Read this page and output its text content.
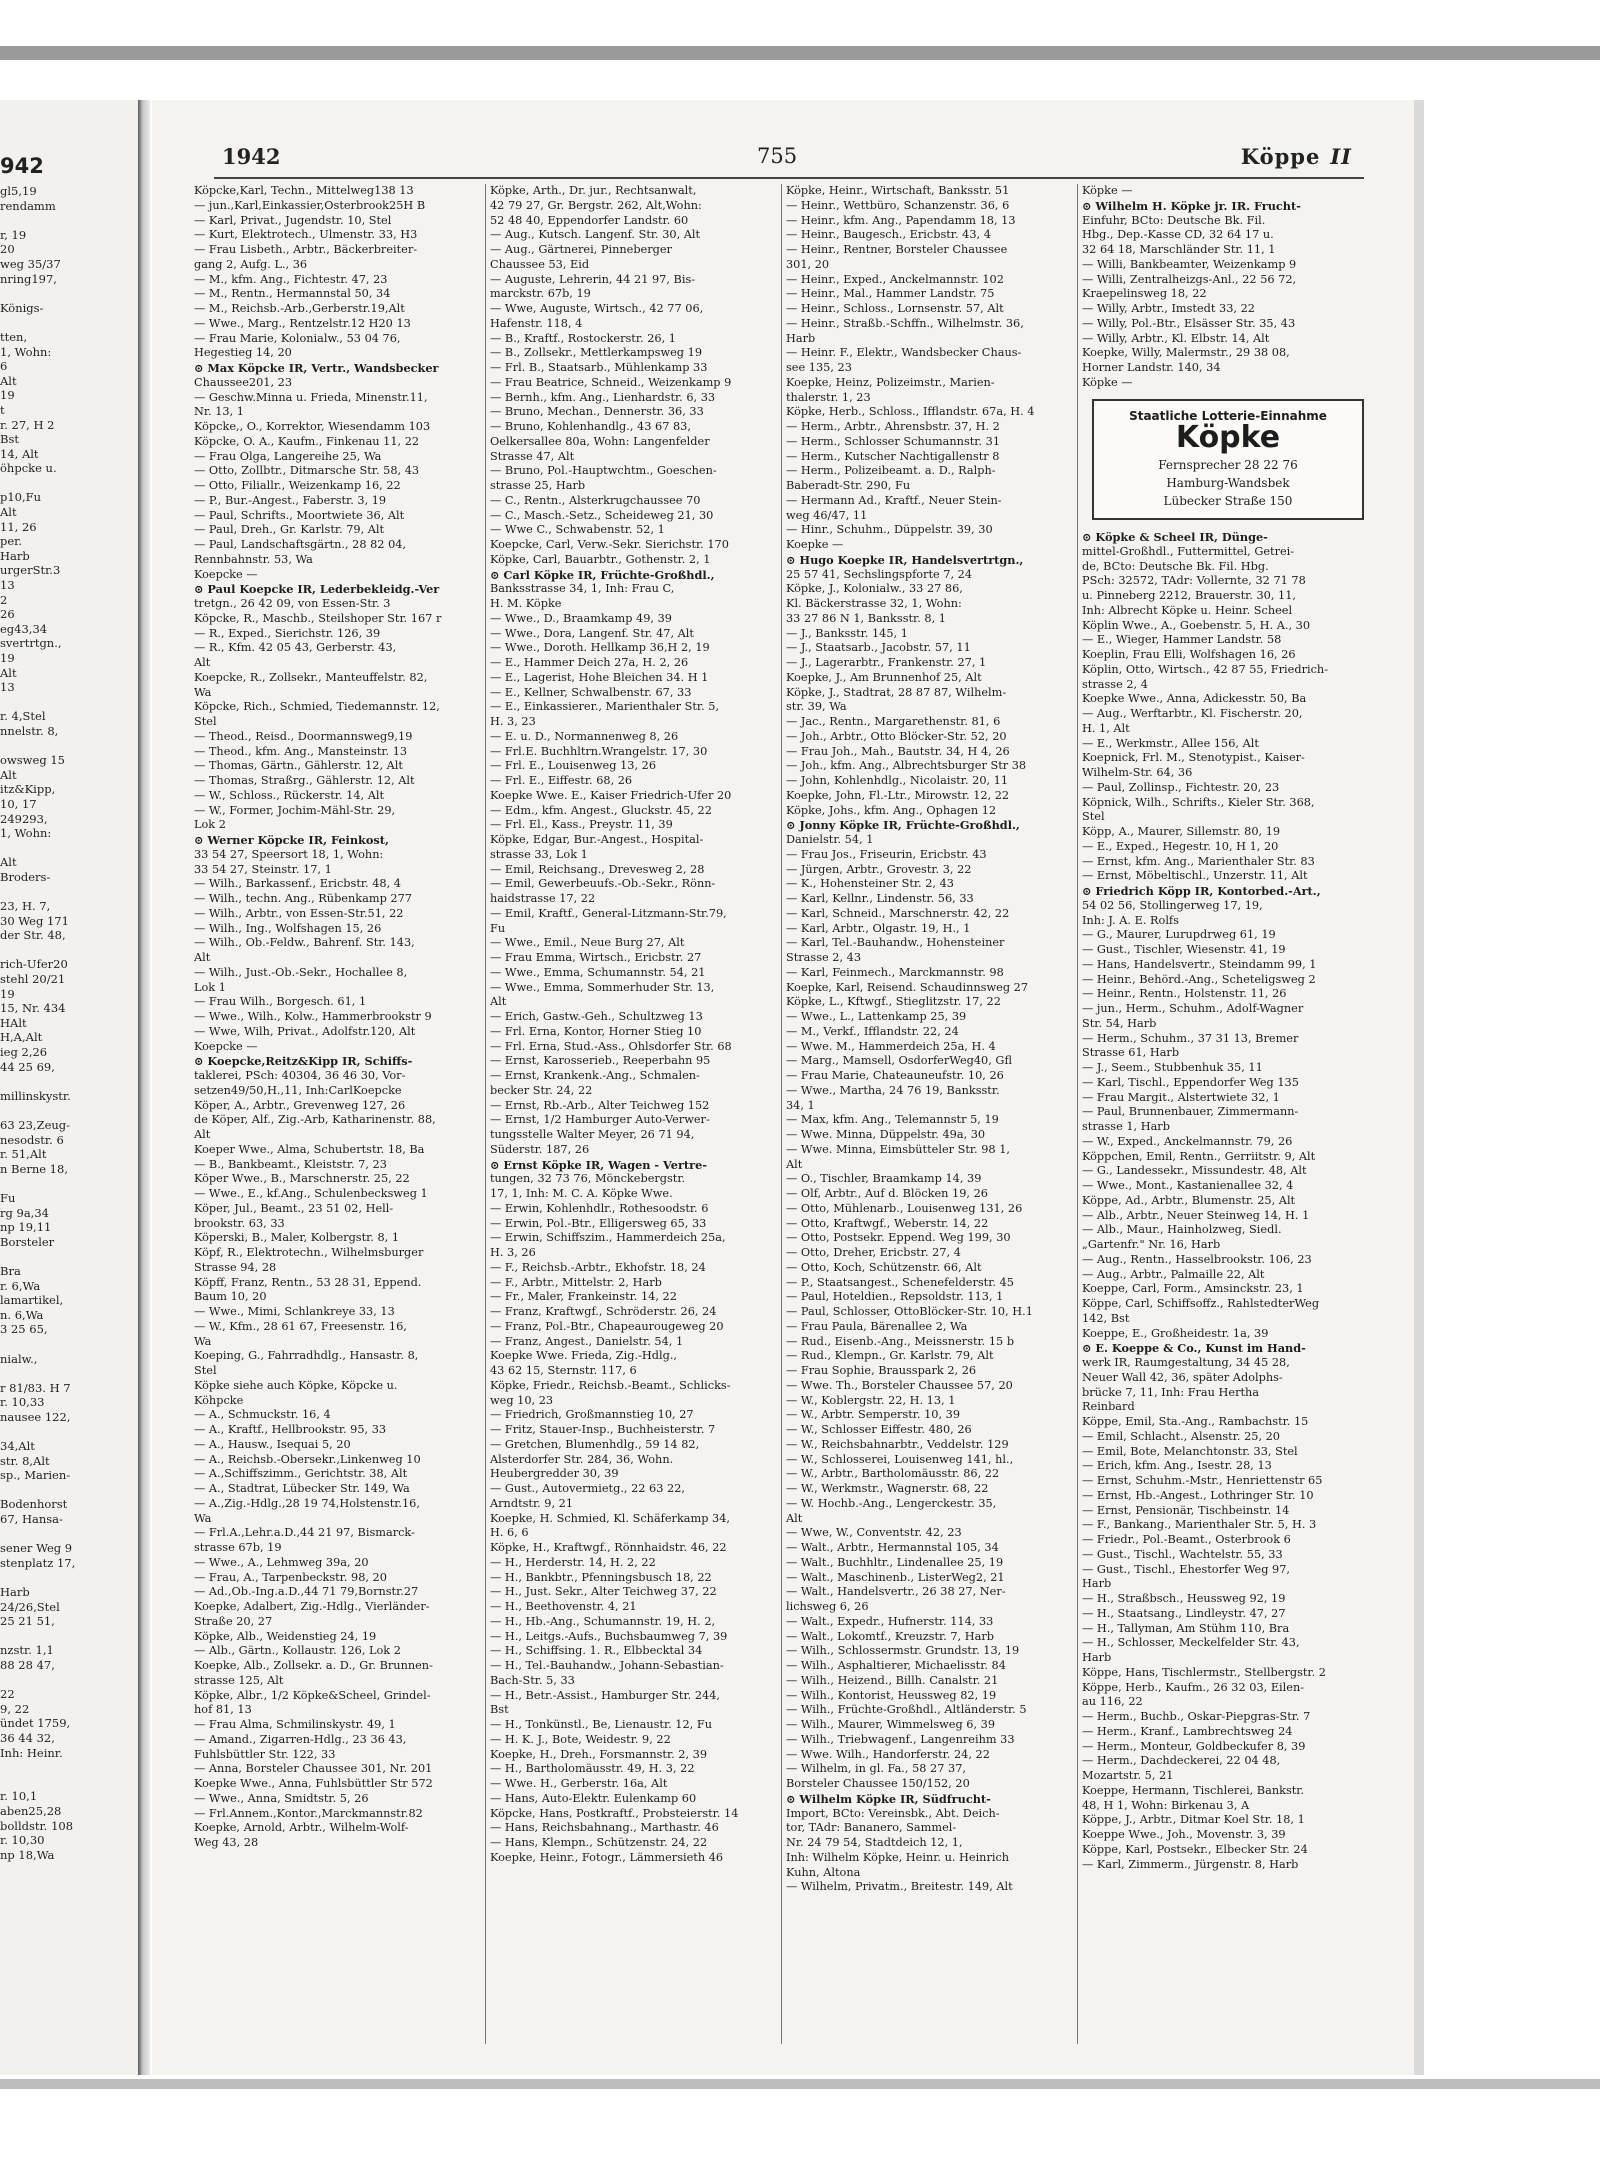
942
gl5,19
rendamm

r, 19
20
weg 35/37
nring197,

Königs-

tten,
1, Wohn:
6
Alt
19
t
r. 27, H 2
Bst
14, Alt
öhpcke u.

p10,Fu
Alt
11, 26
per.
Harb
urgerStr.3
13
2
26
eg43,34
svertrtgn.,
19
Alt
13

r. 4,Stel
nnelstr. 8,

owsweg 15
Alt
itz&Kipp,
10, 17
249293,
1, Wohn:

Alt
Broders-

23, H. 7,
30 Weg 171
der Str. 48,

rich-Ufer20
stehl 20/21
19
15, Nr. 434
HAlt
H,A,Alt
ieg 2,26
44 25 69,

millinskystr.

63 23,Zeug-
nesodstr. 6
r. 51,Alt
n Berne 18,

Fu
rg 9a,34
np 19,11
Borsteler

Bra
r. 6,Wa
lamartikel,
n. 6,Wa
3 25 65,

nialw.,

r 81/83. H 7
r. 10,33
nausee 122,

34,Alt
str. 8,Alt
sp., Marien-

Bodenhorst
67, Hansa-

sener Weg 9
stenplatz 17,

Harb
24/26,Stel
25 21 51,

nzstr. 1,1
88 28 47,

22
9, 22
ündet 1759,
36 44 32,
Inh: Heinr.

r. 10,1
aben25,28
bolldstr. 108
r. 10,30
np 18,Wa
1942	755	Köppe II
Köpcke,Karl, Techn., Mittelweg138 13
— jun.,Karl,Einkassier,Osterbrook25H B
— Karl, Privat., Jugendstr. 10, Stel
— Kurt, Elektrotech., Ulmenstr. 33, H3
— Frau Lisbeth., Arbtr., Bäckerbreiter-
gang 2, Aufg. L., 36
— M., kfm. Ang., Fichtestr. 47, 23
— M., Rentn., Hermannstal 50, 34
— M., Reichsb.-Arb.,Gerberstr.19,Alt
— Wwe., Marg., Rentzelstr.12 H20 13
— Frau Marie, Kolonialw., 53 04 76,
Hegestieg 14, 20
⊙ Max Köpcke IR, Vertr., Wandsbecker
Chaussee201, 23
— Geschw.Minna u. Frieda, Minenstr.11,
Nr. 13, 1
Köpcke,, O., Korrektor, Wiesendamm 103
Köpcke, O. A., Kaufm., Finkenau 11, 22
— Frau Olga, Langereihe 25, Wa
— Otto, Zollbtr., Ditmarsche Str. 58, 43
— Otto, Filiallr., Weizenkamp 16, 22
— P., Bur.-Angest., Faberstr. 3, 19
— Paul, Schrifts., Moortwiete 36, Alt
— Paul, Dreh., Gr. Karlstr. 79, Alt
— Paul, Landschaftsgärtn., 28 82 04,
Rennbahnstr. 53, Wa
Koepcke —
⊙ Paul Koepcke IR, Lederbekleidg.-Ver
tretgn., 26 42 09, von Essen-Str. 3
Köpcke, R., Maschb., Steilshoper Str. 167 r
— R., Exped., Sierichstr. 126, 39
— R., Kfm. 42 05 43, Gerberstr. 43,
Alt
Koepcke, R., Zollsekr., Manteuffelstr. 82,
Wa
Köpcke, Rich., Schmied, Tiedemannstr. 12,
Stel
— Theod., Reisd., Doormannsweg9,19
— Theod., kfm. Ang., Mansteinstr. 13
— Thomas, Gärtn., Gählerstr. 12, Alt
— Thomas, Straßrg., Gählerstr. 12, Alt
— W., Schloss., Rückerstr. 14, Alt
— W., Former, Jochim-Mähl-Str. 29,
Lok 2
⊙ Werner Köpcke IR, Feinkost,
33 54 27, Speersort 18, 1, Wohn:
33 54 27, Steinstr. 17, 1
— Wilh., Barkassenf., Ericbstr. 48, 4
— Wilh., techn. Ang., Rübenkamp 277
— Wilh., Arbtr., von Essen-Str.51, 22
— Wilh., Ing., Wolfshagen 15, 26
— Wilh., Ob.-Feldw., Bahrenf. Str. 143,
Alt
— Wilh., Just.-Ob.-Sekr., Hochallee 8,
Lok 1
— Frau Wilh., Borgesch. 61, 1
— Wwe., Wilh., Kolw., Hammerbrookstr 9
— Wwe, Wilh, Privat., Adolfstr.120, Alt
Koepcke —
⊙ Koepcke,Reitz&Kipp IR, Schiffs-
taklerei, PSch: 40304, 36 46 30, Vor-
setzen49/50,H.,11, Inh:CarlKoepcke
Köper, A., Arbtr., Grevenweg 127, 26
de Köper, Alf., Zig.-Arb, Katharinenstr. 88,
Alt
Koeper Wwe., Alma, Schubertstr. 18, Ba
— B., Bankbeamt., Kleiststr. 7, 23
Köper Wwe., B., Marschnerstr. 25, 22
— Wwe., E., kf.Ang., Schulenbecksweg 1
Köper, Jul., Beamt., 23 51 02, Hell-
brookstr. 63, 33
Köperski, B., Maler, Kolbergstr. 8, 1
Köpf, R., Elektrotechn., Wilhelmsburger
Strasse 94, 28
Köpff, Franz, Rentn., 53 28 31, Eppend.
Baum 10, 20
— Wwe., Mimi, Schlankreye 33, 13
— W., Kfm., 28 61 67, Freesenstr. 16,
Wa
Koeping, G., Fahrradhdlg., Hansastr. 8,
Stel
Köpke siehe auch Köpke, Köpcke u.
Köhpcke
— A., Schmuckstr. 16, 4
— A., Kraftf., Hellbrookstr. 95, 33
— A., Hausw., Isequai 5, 20
— A., Reichsb.-Obersekr.,Linkenweg 10
— A.,Schiffszimm., Gerichtstr. 38, Alt
— A., Stadtrat, Lübecker Str. 149, Wa
— A.,Zig.-Hdlg.,28 19 74,Holstenstr.16,
Wa
— Frl.A.,Lehr.a.D.,44 21 97, Bismarck-
strasse 67b, 19
— Wwe., A., Lehmweg 39a, 20
— Frau, A., Tarpenbeckstr. 98, 20
— Ad.,Ob.-Ing.a.D.,44 71 79,Bornstr.27
Koepke, Adalbert, Zig.-Hdlg., Vierländer-
Straße 20, 27
Köpke, Alb., Weidenstieg 24, 19
— Alb., Gärtn., Kollaustr. 126, Lok 2
Koepke, Alb., Zollsekr. a. D., Gr. Brunnen-
strasse 125, Alt
Köpke, Albr., 1/2 Köpke&Scheel, Grindel-
hof 81, 13
— Frau Alma, Schmilinskystr. 49, 1
— Amand., Zigarren-Hdlg., 23 36 43,
Fuhlsbüttler Str. 122, 33
— Anna, Borsteler Chaussee 301, Nr. 201
Koepke Wwe., Anna, Fuhlsbüttler Str 572
— Wwe., Anna, Smidtstr. 5, 26
— Frl.Annem.,Kontor.,Marckmannstr.82
Koepke, Arnold, Arbtr., Wilhelm-Wolf-
Weg 43, 28
Köpke, Arth., Dr. jur., Rechtsanwalt,
42 79 27, Gr. Bergstr. 262, Alt,Wohn:
52 48 40, Eppendorfer Landstr. 60
— Aug., Kutsch. Langenf. Str. 30, Alt
— Aug., Gärtnerei, Pinneberger
Chaussee 53, Eid
— Auguste, Lehrerin, 44 21 97, Bis-
marckstr. 67b, 19
— Wwe, Auguste, Wirtsch., 42 77 06,
Hafenstr. 118, 4
— B., Kraftf., Rostockerstr. 26, 1
— B., Zollsekr., Mettlerkampsweg 19
— Frl. B., Staatsarb., Mühlenkamp 33
— Frau Beatrice, Schneid., Weizenkamp 9
— Bernh., kfm. Ang., Lienhardstr. 6, 33
— Bruno, Mechan., Dennerstr. 36, 33
— Bruno, Kohlenhandlg., 43 67 83,
Oelkersallee 80a, Wohn: Langenfelder
Strasse 47, Alt
— Bruno, Pol.-Hauptwchtm., Goeschen-
strasse 25, Harb
— C., Rentn., Alsterkrugchaussee 70
— C., Masch.-Setz., Scheideweg 21, 30
— Wwe C., Schwabenstr. 52, 1
Koepcke, Carl, Verw.-Sekr. Sierichstr. 170
Köpke, Carl, Bauarbtr., Gothenstr. 2, 1
⊙ Carl Köpke IR, Früchte-Großhdl.,
Banksstrasse 34, 1, Inh: Frau C,
H. M. Köpke
— Wwe., D., Braamkamp 49, 39
— Wwe., Dora, Langenf. Str. 47, Alt
— Wwe., Doroth. Hellkamp 36,H 2, 19
— E., Hammer Deich 27a, H. 2, 26
— E., Lagerist, Hohe Bleichen 34. H 1
— E., Kellner, Schwalbenstr. 67, 33
— E., Einkassierer., Marienthaler Str. 5,
H. 3, 23
— E. u. D., Normannenweg 8, 26
— Frl.E. Buchhltrn.Wrangelstr. 17, 30
— Frl. E., Louisenweg 13, 26
— Frl. E., Eiffestr. 68, 26
Koepke Wwe. E., Kaiser Friedrich-Ufer 20
— Edm., kfm. Angest., Gluckstr. 45, 22
— Frl. El., Kass., Preystr. 11, 39
Köpke, Edgar, Bur.-Angest., Hospital-
strasse 33, Lok 1
— Emil, Reichsang., Drevesweg 2, 28
— Emil, Gewerbeuufs.-Ob.-Sekr., Rönn-
haidstrasse 17, 22
— Emil, Kraftf., General-Litzmann-Str.79,
Fu
— Wwe., Emil., Neue Burg 27, Alt
— Frau Emma, Wirtsch., Ericbstr. 27
— Wwe., Emma, Schumannstr. 54, 21
— Wwe., Emma, Sommerhuder Str. 13,
Alt
— Erich, Gastw.-Geh., Schultzweg 13
— Frl. Erna, Kontor, Horner Stieg 10
— Frl. Erna, Stud.-Ass., Ohlsdorfer Str. 68
— Ernst, Karosserieb., Reeperbahn 95
— Ernst, Krankenk.-Ang., Schmalen-
becker Str. 24, 22
— Ernst, Rb.-Arb., Alter Teichweg 152
— Ernst, 1/2 Hamburger Auto-Verwer-
tungsstelle Walter Meyer, 26 71 94,
Süderstr. 187, 26
⊙ Ernst Köpke IR, Wagen - Vertre-
tungen, 32 73 76, Mönckebergstr.
17, 1, Inh: M. C. A. Köpke Wwe.
— Erwin, Kohlenhdlr., Rothesoodstr. 6
— Erwin, Pol.-Btr., Elligersweg 65, 33
— Erwin, Schiffszim., Hammerdeich 25a,
H. 3, 26
— F., Reichsb.-Arbtr., Ekhofstr. 18, 24
— F., Arbtr., Mittelstr. 2, Harb
— Fr., Maler, Frankeinstr. 14, 22
— Franz, Kraftwgf., Schröderstr. 26, 24
— Franz, Pol.-Btr., Chapeaurougeweg 20
— Franz, Angest., Danielstr. 54, 1
Koepke Wwe. Frieda, Zig.-Hdlg.,
43 62 15, Sternstr. 117, 6
Köpke, Friedr., Reichsb.-Beamt., Schlicks-
weg 10, 23
— Friedrich, Großmannstieg 10, 27
— Fritz, Stauer-Insp., Buchheisterstr. 7
— Gretchen, Blumenhdlg., 59 14 82,
Alsterdorfer Str. 284, 36, Wohn.
Heubergredder 30, 39
— Gust., Autovermietg., 22 63 22,
Arndtstr. 9, 21
Koepke, H. Schmied, Kl. Schäferkamp 34,
H. 6, 6
Köpke, H., Kraftwgf., Rönnhaidstr. 46, 22
— H., Herderstr. 14, H. 2, 22
— H., Bankbtr., Pfenningsbusch 18, 22
— H., Just. Sekr., Alter Teichweg 37, 22
— H., Beethovenstr. 4, 21
— H., Hb.-Ang., Schumannstr. 19, H. 2,
— H., Leitgs.-Aufs., Buchsbaumweg 7, 39
— H., Schiffsing. 1. R., Elbbecktal 34
— H., Tel.-Bauhandw., Johann-Sebastian-
Bach-Str. 5, 33
— H., Betr.-Assist., Hamburger Str. 244,
Bst
— H., Tonkünstl., Be, Lienaustr. 12, Fu
— H. K. J., Bote, Weidestr. 9, 22
Koepke, H., Dreh., Forsmannstr. 2, 39
— H., Bartholomäusstr. 49, H. 3, 22
— Wwe. H., Gerberstr. 16a, Alt
— Hans, Auto-Elektr. Eulenkamp 60
Köpcke, Hans, Postkraftf., Probsteierstr. 14
— Hans, Reichsbahnang., Marthastr. 46
— Hans, Klempn., Schützenstr. 24, 22
Koepke, Heinr., Fotogr., Lämmersieth 46
Köpke, Heinr., Wirtschaft, Banksstr. 51
— Heinr., Wettbüro, Schanzenstr. 36, 6
— Heinr., kfm. Ang., Papendamm 18, 13
— Heinr., Baugesch., Ericbstr. 43, 4
— Heinr., Rentner, Borsteler Chaussee
301, 20
— Heinr., Exped., Anckelmannstr. 102
— Heinr., Mal., Hammer Landstr. 75
— Heinr., Schloss., Lornsenstr. 57, Alt
— Heinr., Straßb.-Schffn., Wilhelmstr. 36,
Harb
— Heinr. F., Elektr., Wandsbecker Chaus-
see 135, 23
Koepke, Heinz, Polizeimstr., Marien-
thalerstr. 1, 23
Köpke, Herb., Schloss., Ifflandstr. 67a, H. 4
— Herm., Arbtr., Ahrensbstr. 37, H. 2
— Herm., Schlosser Schumannstr. 31
— Herm., Kutscher Nachtigallenstr 8
— Herm., Polizeibeamt. a. D., Ralph-
Baberadt-Str. 290, Fu
— Hermann Ad., Kraftf., Neuer Stein-
weg 46/47, 11
— Hinr., Schuhm., Düppelstr. 39, 30
Koepke —
⊙ Hugo Koepke IR, Handelsvertrtgn.,
25 57 41, Sechslingspforte 7, 24
Köpke, J., Kolonialw., 33 27 86,
Kl. Bäckerstrasse 32, 1, Wohn:
33 27 86 N 1, Banksstr. 8, 1
— J., Banksstr. 145, 1
— J., Staatsarb., Jacobstr. 57, 11
— J., Lagerarbtr., Frankenstr. 27, 1
Koepke, J., Am Brunnenhof 25, Alt
Köpke, J., Stadtrat, 28 87 87, Wilhelm-
str. 39, Wa
— Jac., Rentn., Margarethenstr. 81, 6
— Joh., Arbtr., Otto Blöcker-Str. 52, 20
— Frau Joh., Mah., Bautstr. 34, H 4, 26
— Joh., kfm. Ang., Albrechtsburger Str 38
— John, Kohlenhdlg., Nicolaistr. 20, 11
Koepke, John, Fl.-Ltr., Mirowstr. 12, 22
Köpke, Johs., kfm. Ang., Ophagen 12
⊙ Jonny Köpke IR, Früchte-Großhdl.,
Danielstr. 54, 1
— Frau Jos., Friseurin, Ericbstr. 43
— Jürgen, Arbtr., Grovestr. 3, 22
— K., Hohensteiner Str. 2, 43
— Karl, Kellnr., Lindenstr. 56, 33
— Karl, Schneid., Marschnerstr. 42, 22
— Karl, Arbtr., Olgastr. 19, H., 1
— Karl, Tel.-Bauhandw., Hohensteiner
Strasse 2, 43
— Karl, Feinmech., Marckmannstr. 98
Koepke, Karl, Reisend. Schaudinnsweg 27
Köpke, L., Kftwgf., Stieglitzstr. 17, 22
— Wwe., L., Lattenkamp 25, 39
— M., Verkf., Ifflandstr. 22, 24
— Wwe. M., Hammerdeich 25a, H. 4
— Marg., Mamsell, OsdorferWeg40, Gfl
— Frau Marie, Chateauneufstr. 10, 26
— Wwe., Martha, 24 76 19, Banksstr.
34, 1
— Max, kfm. Ang., Telemannstr 5, 19
— Wwe. Minna, Düppelstr. 49a, 30
— Wwe. Minna, Eimsbütteler Str. 98 1,
Alt
— O., Tischler, Braamkamp 14, 39
— Olf, Arbtr., Auf d. Blöcken 19, 26
— Otto, Mühlenarb., Louisenweg 131, 26
— Otto, Kraftwgf., Weberstr. 14, 22
— Otto, Postsekr. Eppend. Weg 199, 30
— Otto, Dreher, Ericbstr. 27, 4
— Otto, Koch, Schützenstr. 66, Alt
— P., Staatsangest., Schenefelderstr. 45
— Paul, Hoteldien., Repsoldstr. 113, 1
— Paul, Schlosser, OttoBlöcker-Str. 10, H.1
— Frau Paula, Bärenallee 2, Wa
— Rud., Eisenb.-Ang., Meissnerstr. 15 b
— Rud., Klempn., Gr. Karlstr. 79, Alt
— Frau Sophie, Brausspark 2, 26
— Wwe. Th., Borsteler Chaussee 57, 20
— W., Koblergstr. 22, H. 13, 1
— W., Arbtr. Semperstr. 10, 39
— W., Schlosser Eiffestr. 480, 26
— W., Reichsbahnarbtr., Veddelstr. 129
— W., Schlosserei, Louisenweg 141, hl.,
— W., Arbtr., Bartholomäusstr. 86, 22
— W., Werkmstr., Wagnerstr. 68, 22
— W. Hochb.-Ang., Lengerckestr. 35,
Alt
— Wwe, W., Conventstr. 42, 23
— Walt., Arbtr., Hermannstal 105, 34
— Walt., Buchhltr., Lindenallee 25, 19
— Walt., Maschinenb., ListerWeg2, 21
— Walt., Handelsvertr., 26 38 27, Ner-
lichsweg 6, 26
— Walt., Expedr., Hufnerstr. 114, 33
— Walt., Lokomtf., Kreuzstr. 7, Harb
— Wilh., Schlossermstr. Grundstr. 13, 19
— Wilh., Asphaltierer, Michaelisstr. 84
— Wilh., Heizend., Billh. Canalstr. 21
— Wilh., Kontorist, Heussweg 82, 19
— Wilh., Früchte-Großhdl., Altländerstr. 5
— Wilh., Maurer, Wimmelsweg 6, 39
— Wilh., Triebwagenf., Langenreihm 33
— Wwe. Wilh., Handorferstr. 24, 22
— Wilhelm, in gl. Fa., 58 27 37,
Borsteler Chaussee 150/152, 20
⊙ Wilhelm Köpke IR, Südfrucht-
Import, BCto: Vereinsbk., Abt. Deich-
tor, TAdr: Bananero, Sammel-
Nr. 24 79 54, Stadtdeich 12, 1,
Inh: Wilhelm Köpke, Heinr. u. Heinrich
Kuhn, Altona
— Wilhelm, Privatm., Breitestr. 149, Alt
Köpke —
⊙ Wilhelm H. Köpke jr. IR. Frucht-
Einfuhr, BCto: Deutsche Bk. Fil.
Hbg., Dep.-Kasse CD, 32 64 17 u.
32 64 18, Marschländer Str. 11, 1
— Willi, Bankbeamter, Weizenkamp 9
— Willi, Zentralheizgs-Anl., 22 56 72,
Kraepelinsweg 18, 22
— Willy, Arbtr., Imstedt 33, 22
— Willy, Pol.-Btr., Elsässer Str. 35, 43
— Willy, Arbtr., Kl. Elbstr. 14, Alt
Koepke, Willy, Malermstr., 29 38 08,
Horner Landstr. 140, 34
Köpke —
Staatliche Lotterie-Einnahme
Köpke
Fernsprecher 28 22 76
Hamburg-Wandsbek
Lübecker Straße 150
⊙ Köpke & Scheel IR, Dünge-
mittel-Großhdl., Futtermittel, Getrei-
de, BCto: Deutsche Bk. Fil. Hbg.
PSch: 32572, TAdr: Vollernte, 32 71 78
u. Pinneberg 2212, Brauerstr. 30, 11,
Inh: Albrecht Köpke u. Heinr. Scheel
Köplin Wwe., A., Goebenstr. 5, H. A., 30
— E., Wieger, Hammer Landstr. 58
Koeplin, Frau Elli, Wolfshagen 16, 26
Köplin, Otto, Wirtsch., 42 87 55, Friedrich-
strasse 2, 4
Koepke Wwe., Anna, Adickesstr. 50, Ba
— Aug., Werftarbtr., Kl. Fischerstr. 20,
H. 1, Alt
— E., Werkmstr., Allee 156, Alt
Koepnick, Frl. M., Stenotypist., Kaiser-
Wilhelm-Str. 64, 36
— Paul, Zollinsp., Fichtestr. 20, 23
Köpnick, Wilh., Schrifts., Kieler Str. 368,
Stel
Köpp, A., Maurer, Sillemstr. 80, 19
— E., Exped., Hegestr. 10, H 1, 20
— Ernst, kfm. Ang., Marienthaler Str. 83
— Ernst, Möbeltischl., Unzerstr. 11, Alt
⊙ Friedrich Köpp IR, Kontorbed.-Art.,
54 02 56, Stollingerweg 17, 19,
Inh: J. A. E. Rolfs
— G., Maurer, Lurupdrweg 61, 19
— Gust., Tischler, Wiesenstr. 41, 19
— Hans, Handelsvertr., Steindamm 99, 1
— Heinr., Behörd.-Ang., Scheteligsweg 2
— Heinr., Rentn., Holstenstr. 11, 26
— jun., Herm., Schuhm., Adolf-Wagner
Str. 54, Harb
— Herm., Schuhm., 37 31 13, Bremer
Strasse 61, Harb
— J., Seem., Stubbenhuk 35, 11
— Karl, Tischl., Eppendorfer Weg 135
— Frau Margit., Alstertwiete 32, 1
— Paul, Brunnenbauer, Zimmermann-
strasse 1, Harb
— W., Exped., Anckelmannstr. 79, 26
Köppchen, Emil, Rentn., Gerriitstr. 9, Alt
— G., Landessekr., Missundestr. 48, Alt
— Wwe., Mont., Kastanienallee 32, 4
Köppe, Ad., Arbtr., Blumenstr. 25, Alt
— Alb., Arbtr., Neuer Steinweg 14, H. 1
— Alb., Maur., Hainholzweg, Siedl.
„Gartenfr." Nr. 16, Harb
— Aug., Rentn., Hasselbrookstr. 106, 23
— Aug., Arbtr., Palmaille 22, Alt
Koeppe, Carl, Form., Amsinckstr. 23, 1
Köppe, Carl, Schiffsoffz., RahlstedterWeg
142, Bst
Koeppe, E., Großheidestr. 1a, 39
⊙ E. Koeppe & Co., Kunst im Hand-
werk IR, Raumgestaltung, 34 45 28,
Neuer Wall 42, 36, später Adolphs-
brücke 7, 11, Inh: Frau Hertha
Reinbard
Köppe, Emil, Sta.-Ang., Rambachstr. 15
— Emil, Schlacht., Alsenstr. 25, 20
— Emil, Bote, Melanchtonstr. 33, Stel
— Erich, kfm. Ang., Isestr. 28, 13
— Ernst, Schuhm.-Mstr., Henriettenstr 65
— Ernst, Hb.-Angest., Lothringer Str. 10
— Ernst, Pensionär, Tischbeinstr. 14
— F., Bankang., Marienthaler Str. 5, H. 3
— Friedr., Pol.-Beamt., Osterbrook 6
— Gust., Tischl., Wachtelstr. 55, 33
— Gust., Tischl., Ehestorfer Weg 97,
Harb
— H., Straßbsch., Heussweg 92, 19
— H., Staatsang., Lindleystr. 47, 27
— H., Tallyman, Am Stühm 110, Bra
— H., Schlosser, Meckelfelder Str. 43,
Harb
Köppe, Hans, Tischlermstr., Stellbergstr. 2
Köppe, Herb., Kaufm., 26 32 03, Eilen-
au 116, 22
— Herm., Buchb., Oskar-Piepgras-Str. 7
— Herm., Kranf., Lambrechtsweg 24
— Herm., Monteur, Goldbeckufer 8, 39
— Herm., Dachdeckerei, 22 04 48,
Mozartstr. 5, 21
Koeppe, Hermann, Tischlerei, Bankstr.
48, H 1, Wohn: Birkenau 3, A
Köppe, J., Arbtr., Ditmar Koel Str. 18, 1
Koeppe Wwe., Joh., Movenstr. 3, 39
Köppe, Karl, Postsekr., Elbecker Str. 24
— Karl, Zimmerm., Jürgenstr. 8, Harb
